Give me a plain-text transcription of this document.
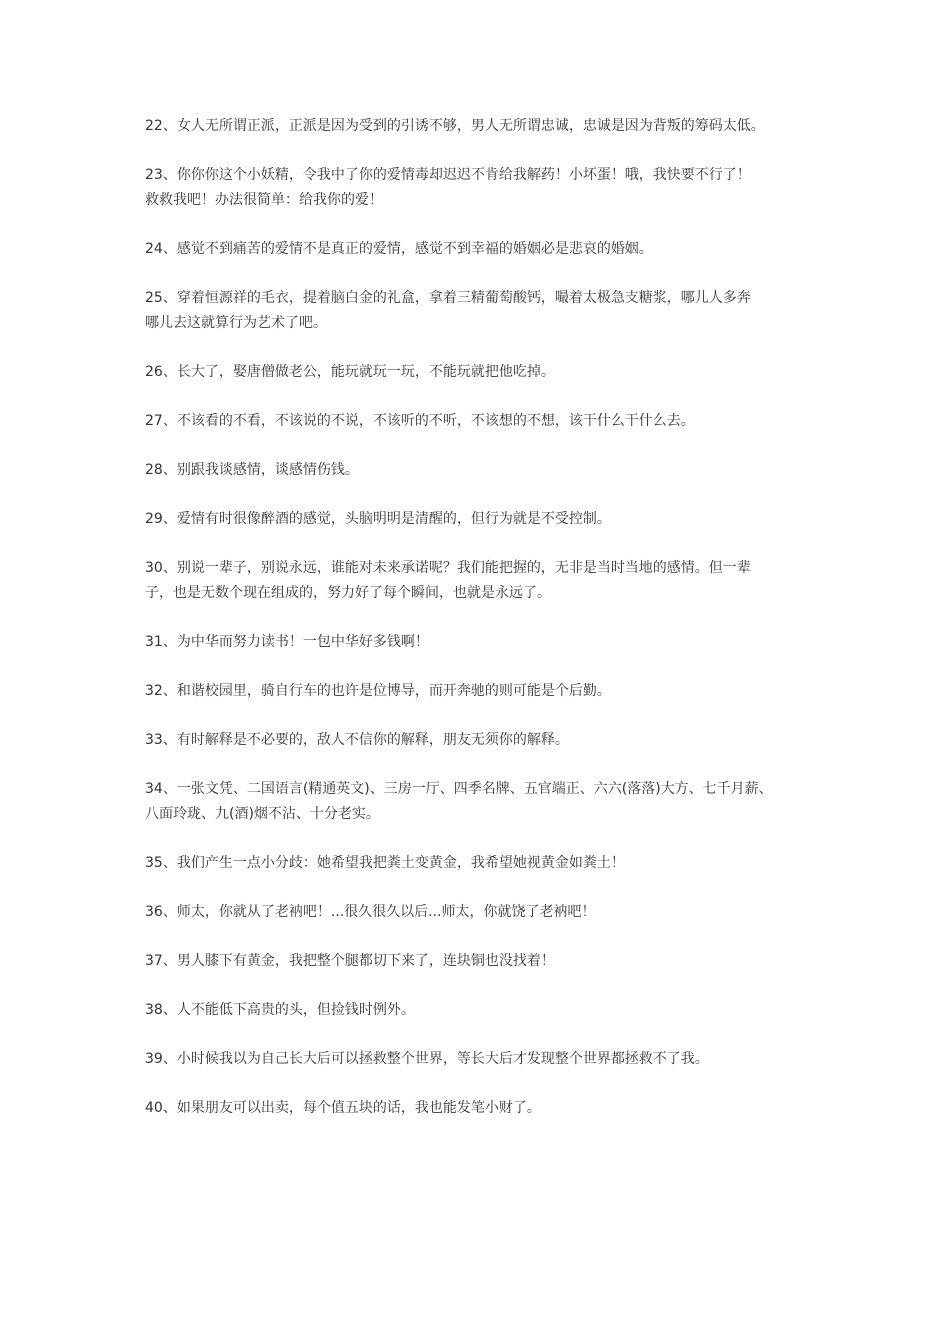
22、女人无所谓正派，正派是因为受到的引诱不够，男人无所谓忠诚，忠诚是因为背叛的筹码太低。

23、你你你这个小妖精，令我中了你的爱情毒却迟迟不肯给我解药！小坏蛋！哦，我快要不行了！
救救我吧！办法很简单：给我你的爱！

24、感觉不到痛苦的爱情不是真正的爱情，感觉不到幸福的婚姻必是悲哀的婚姻。

25、穿着恒源祥的毛衣，提着脑白金的礼盒，拿着三精葡萄酸钙，嘬着太极急支糖浆，哪儿人多奔
哪儿去这就算行为艺术了吧。

26、长大了，娶唐僧做老公，能玩就玩一玩，不能玩就把他吃掉。

27、不该看的不看，不该说的不说，不该听的不听，不该想的不想，该干什么干什么去。

28、别跟我谈感情，谈感情伤钱。

29、爱情有时很像醉酒的感觉，头脑明明是清醒的，但行为就是不受控制。

30、别说一辈子，别说永远，谁能对未来承诺呢？我们能把握的，无非是当时当地的感情。但一辈
子，也是无数个现在组成的，努力好了每个瞬间，也就是永远了。

31、为中华而努力读书！一包中华好多钱啊！

32、和谐校园里，骑自行车的也许是位博导，而开奔驰的则可能是个后勤。

33、有时解释是不必要的，敌人不信你的解释，朋友无须你的解释。

34、一张文凭、二国语言(精通英文)、三房一厅、四季名牌、五官端正、六六(落落)大方、七千月薪、
八面玲珑、九(酒)烟不沾、十分老实。

35、我们产生一点小分歧：她希望我把粪土变黄金，我希望她视黄金如粪土！

36、师太，你就从了老衲吧！...很久很久以后...师太，你就饶了老衲吧！

37、男人膝下有黄金，我把整个腿都切下来了，连块铜也没找着！

38、人不能低下高贵的头，但捡钱时例外。

39、小时候我以为自己长大后可以拯救整个世界，等长大后才发现整个世界都拯救不了我。

40、如果朋友可以出卖，每个值五块的话，我也能发笔小财了。
